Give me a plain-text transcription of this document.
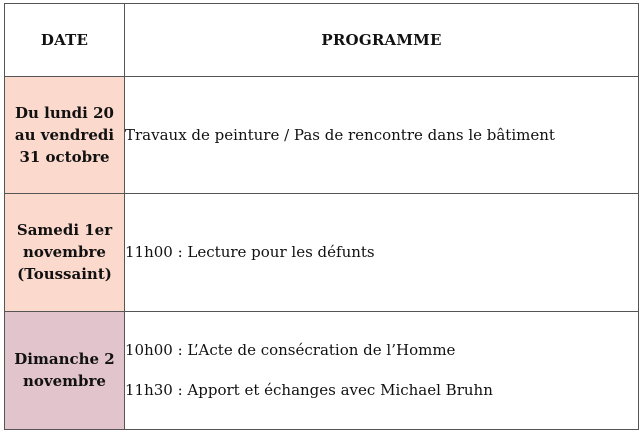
DATE	PROGRAMME

Du lundi 20
au vendredi
31 octobre	Travaux de peinture / Pas de rencontre dans le bâtiment

Samedi 1er
novembre
(Toussaint)	11h00 : Lecture pour les défunts

Dimanche 2
novembre	10h00 : L’Acte de consécration de l’Homme
11h30 : Apport et échanges avec Michael Bruhn
